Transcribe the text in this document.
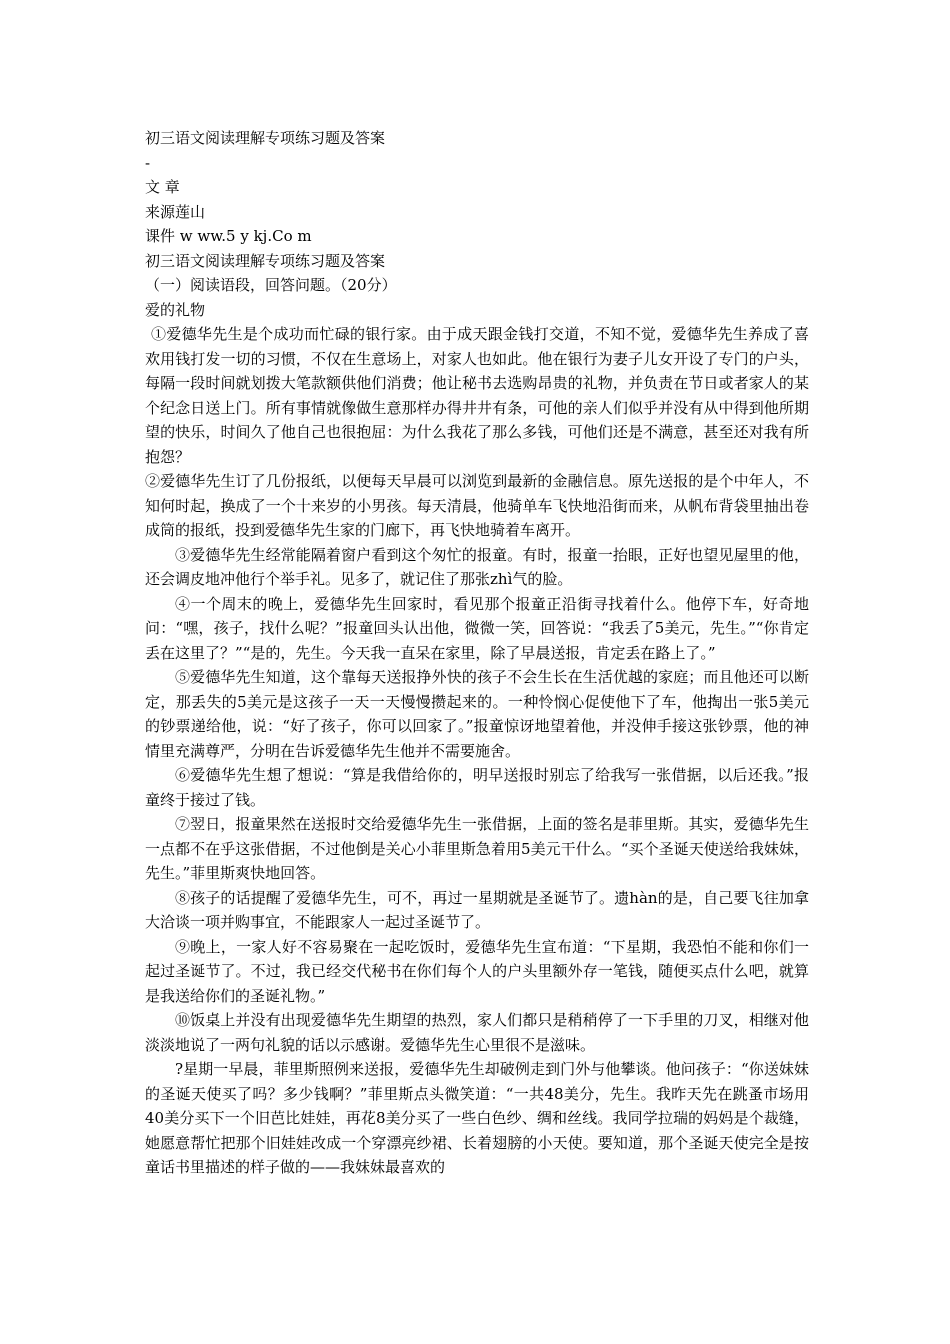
初三语文阅读理解专项练习题及答案

-

文 章

来源莲山

课件 w ww.5 y kj.Co m

初三语文阅读理解专项练习题及答案

（一）阅读语段，回答问题。（20分）

爱的礼物

①爱德华先生是个成功而忙碌的银行家。由于成天跟金钱打交道，不知不觉，爱德华先生养成了喜欢用钱打发一切的习惯，不仅在生意场上，对家人也如此。他在银行为妻子儿女开设了专门的户头，每隔一段时间就划拨大笔款额供他们消费；他让秘书去选购昂贵的礼物，并负责在节日或者家人的某个纪念日送上门。所有事情就像做生意那样办得井井有条，可他的亲人们似乎并没有从中得到他所期望的快乐，时间久了他自己也很抱屈：为什么我花了那么多钱，可他们还是不满意，甚至还对我有所抱怨？

②爱德华先生订了几份报纸，以便每天早晨可以浏览到最新的金融信息。原先送报的是个中年人，不知何时起，换成了一个十来岁的小男孩。每天清晨，他骑单车飞快地沿街而来，从帆布背袋里抽出卷成筒的报纸，投到爱德华先生家的门廊下，再飞快地骑着车离开。

③爱德华先生经常能隔着窗户看到这个匆忙的报童。有时，报童一抬眼，正好也望见屋里的他，还会调皮地冲他行个举手礼。见多了，就记住了那张zhì气的脸。

④一个周末的晚上，爱德华先生回家时，看见那个报童正沿街寻找着什么。他停下车，好奇地问：“嘿，孩子，找什么呢？”报童回头认出他，微微一笑，回答说：“我丢了5美元，先生。”“你肯定丢在这里了？”“是的，先生。今天我一直呆在家里，除了早晨送报，肯定丢在路上了。”

⑤爱德华先生知道，这个靠每天送报挣外快的孩子不会生长在生活优越的家庭；而且他还可以断定，那丢失的5美元是这孩子一天一天慢慢攒起来的。一种怜悯心促使他下了车，他掏出一张5美元的钞票递给他，说：“好了孩子，你可以回家了。”报童惊讶地望着他，并没伸手接这张钞票，他的神情里充满尊严，分明在告诉爱德华先生他并不需要施舍。

⑥爱德华先生想了想说：“算是我借给你的，明早送报时别忘了给我写一张借据，以后还我。”报童终于接过了钱。

⑦翌日，报童果然在送报时交给爱德华先生一张借据，上面的签名是菲里斯。其实，爱德华先生一点都不在乎这张借据，不过他倒是关心小菲里斯急着用5美元干什么。“买个圣诞天使送给我妹妹，先生。”菲里斯爽快地回答。

⑧孩子的话提醒了爱德华先生，可不，再过一星期就是圣诞节了。遗hàn的是，自己要飞往加拿大洽谈一项并购事宜，不能跟家人一起过圣诞节了。

⑨晚上，一家人好不容易聚在一起吃饭时，爱德华先生宣布道：“下星期，我恐怕不能和你们一起过圣诞节了。不过，我已经交代秘书在你们每个人的户头里额外存一笔钱，随便买点什么吧，就算是我送给你们的圣诞礼物。”

⑩饭桌上并没有出现爱德华先生期望的热烈，家人们都只是稍稍停了一下手里的刀叉，相继对他淡淡地说了一两句礼貌的话以示感谢。爱德华先生心里很不是滋味。

?星期一早晨，菲里斯照例来送报，爱德华先生却破例走到门外与他攀谈。他问孩子：“你送妹妹的圣诞天使买了吗？多少钱啊？”菲里斯点头微笑道：“一共48美分，先生。我昨天先在跳蚤市场用40美分买下一个旧芭比娃娃，再花8美分买了一些白色纱、绸和丝线。我同学拉瑞的妈妈是个裁缝，她愿意帮忙把那个旧娃娃改成一个穿漂亮纱裙、长着翅膀的小天使。要知道，那个圣诞天使完全是按童话书里描述的样子做的——我妹妹最喜欢的
